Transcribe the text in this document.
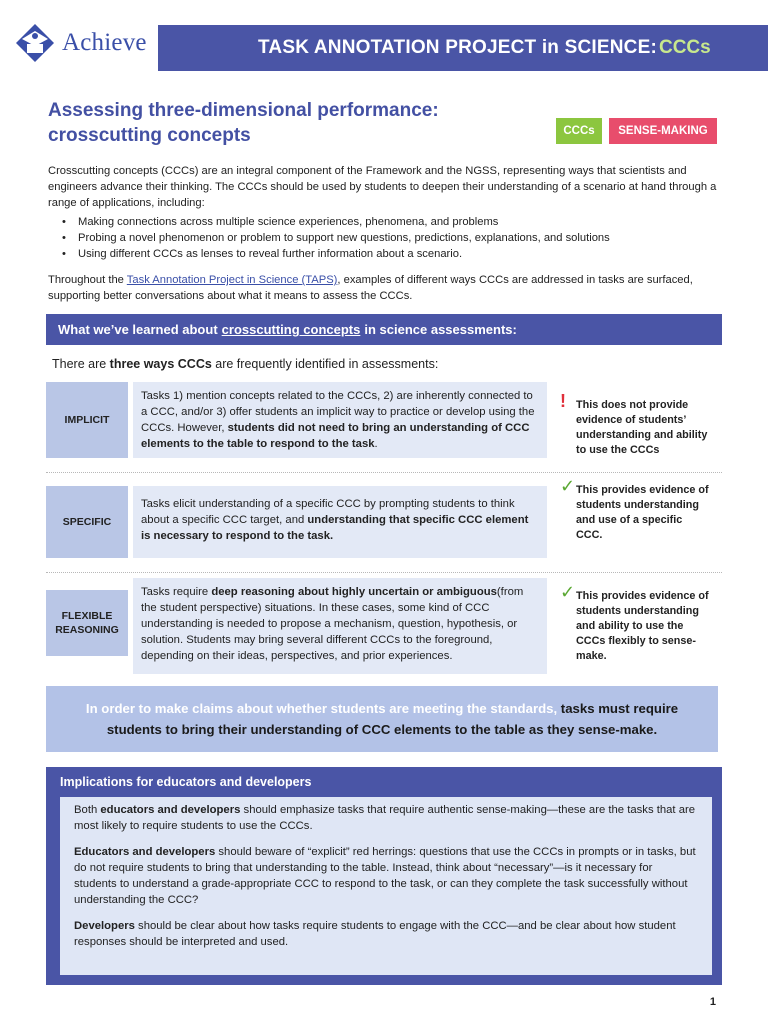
Achieve	TASK ANNOTATION PROJECT in SCIENCE: CCCs
Assessing three-dimensional performance:
crosscutting concepts	CCCs	SENSE-MAKING

Crosscutting concepts (CCCs) are an integral component of the Framework and the NGSS, representing ways that scientists and engineers advance their thinking. The CCCs should be used by students to deepen their understanding of a scenario at hand through a range of applications, including:

• Making connections across multiple science experiences, phenomena, and problems
• Probing a novel phenomenon or problem to support new questions, predictions, explanations, and solutions
• Using different CCCs as lenses to reveal further information about a scenario.

Throughout the Task Annotation Project in Science (TAPS), examples of different ways CCCs are addressed in tasks are surfaced, supporting better conversations about what it means to assess the CCCs.

What we’ve learned about crosscutting concepts in science assessments:
There are three ways CCCs are frequently identified in assessments:
IMPLICIT
Tasks 1) mention concepts related to the CCCs, 2) are inherently connected to a CCC, and/or 3) offer students an implicit way to practice or develop using the CCCs. However, students did not need to bring an understanding of CCC elements to the table to respond to the task.
! This does not provide evidence of students’ understanding and ability to use the CCCs
SPECIFIC
Tasks elicit understanding of a specific CCC by prompting students to think about a specific CCC target, and understanding that specific CCC element is necessary to respond to the task.
✓ This provides evidence of students understanding and use of a specific CCC.
FLEXIBLE REASONING
Tasks require deep reasoning about highly uncertain or ambiguous(from the student perspective) situations. In these cases, some kind of CCC understanding is needed to propose a mechanism, question, hypothesis, or solution. Students may bring several different CCCs to the foreground, depending on their ideas, perspectives, and prior experiences.
✓ This provides evidence of students understanding and ability to use the CCCs flexibly to sense-make.
In order to make claims about whether students are meeting the standards, tasks must require students to bring their understanding of CCC elements to the table as they sense-make.
Implications for educators and developers

Both educators and developers should emphasize tasks that require authentic sense-making—these are the tasks that are most likely to require students to use the CCCs.

Educators and developers should beware of “explicit” red herrings: questions that use the CCCs in prompts or in tasks, but do not require students to bring that understanding to the table. Instead, think about “necessary”—is it necessary for students to understand a grade-appropriate CCC to respond to the task, or can they complete the task successfully without understanding the CCC?

Developers should be clear about how tasks require students to engage with the CCC—and be clear about how student responses should be interpreted and used.

1
